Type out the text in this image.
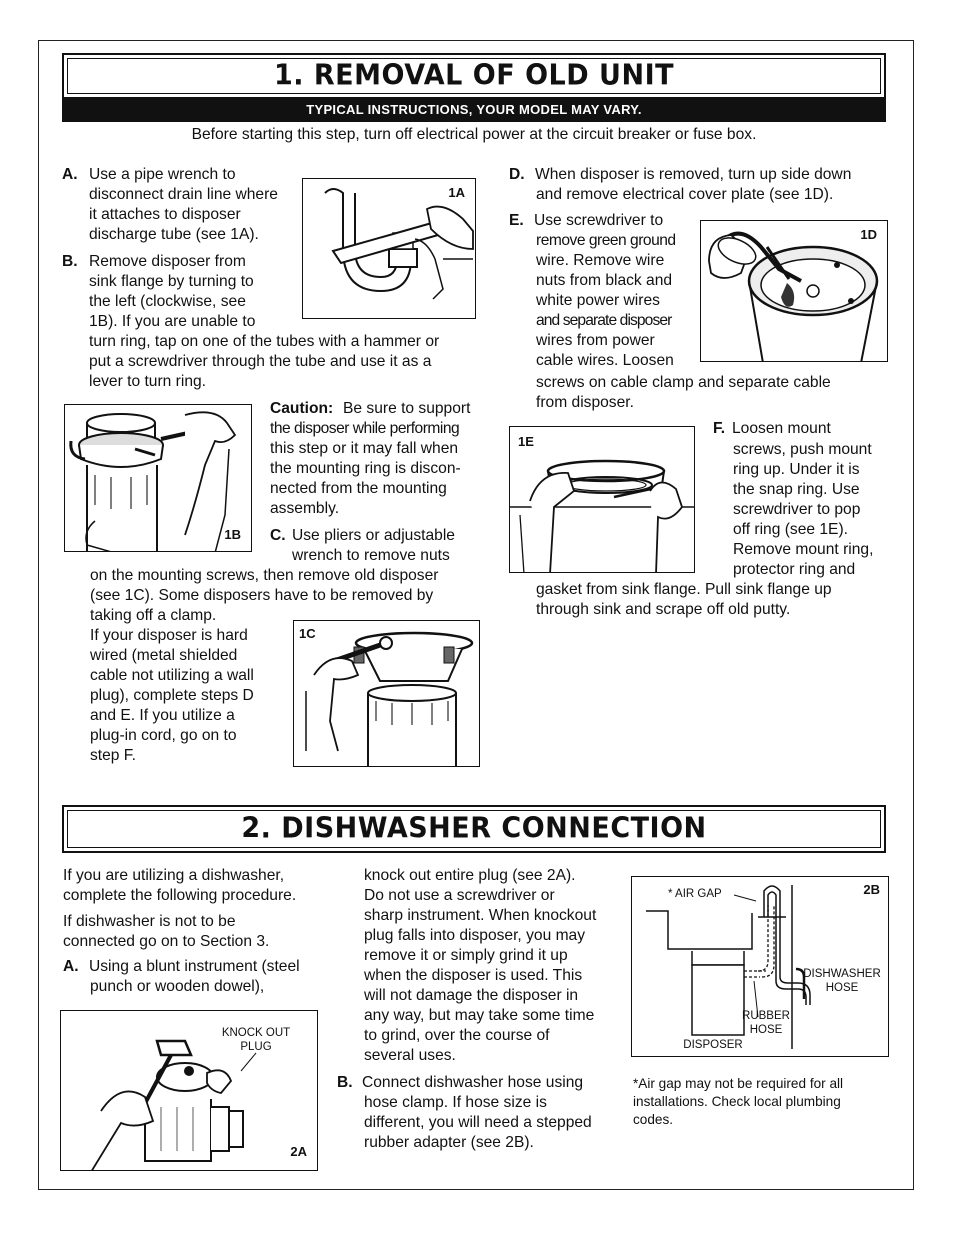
1. REMOVAL OF OLD UNIT
TYPICAL INSTRUCTIONS, YOUR MODEL MAY VARY.
Before starting this step, turn off electrical power at the circuit breaker or fuse box.
A. Use a pipe wrench to
disconnect drain line where
it attaches to disposer
discharge tube (see 1A).
B. Remove disposer from
sink flange by turning to
the left (clockwise, see
1B). If you are unable to
turn ring, tap on one of the tubes with a hammer or
put a screwdriver through the tube and use it as a
lever to turn ring.
1A
1B
Caution: Be sure to support
the disposer while performing
this step or it may fall when
the mounting ring is discon-
nected from the mounting
assembly.
C. Use pliers or adjustable
wrench to remove nuts
on the mounting screws, then remove old disposer
(see 1C). Some disposers have to be removed by
taking off a clamp.
If your disposer is hard
wired (metal shielded
cable not utilizing a wall
plug), complete steps D
and E. If you utilize a
plug-in cord, go on to
step F.
1C
D. When disposer is removed, turn up side down
and remove electrical cover plate (see 1D).
E. Use screwdriver to
remove green ground
wire. Remove wire
nuts from black and
white power wires
and separate disposer
wires from power
cable wires. Loosen
screws on cable clamp and separate cable
from disposer.
1D
1E
F. Loosen mount
screws, push mount
ring up. Under it is
the snap ring. Use
screwdriver to pop
off ring (see 1E).
Remove mount ring,
protector ring and
gasket from sink flange. Pull sink flange up
through sink and scrape off old putty.
2. DISHWASHER CONNECTION
If you are utilizing a dishwasher,
complete the following procedure.
If dishwasher is not to be
connected go on to Section 3.
A. Using a blunt instrument (steel
punch or wooden dowel),
KNOCK OUT
PLUG
2A
knock out entire plug (see 2A).
Do not use a screwdriver or
sharp instrument. When knockout
plug falls into disposer, you may
remove it or simply grind it up
when the disposer is used. This
will not damage the disposer in
any way, but may take some time
to grind, over the course of
several uses.
B. Connect dishwasher hose using
hose clamp. If hose size is
different, you will need a stepped
rubber adapter (see 2B).
* AIR GAP
DISHWASHER
HOSE
RUBBER
HOSE
DISPOSER
2B
*Air gap may not be required for all
installations. Check local plumbing
codes.
